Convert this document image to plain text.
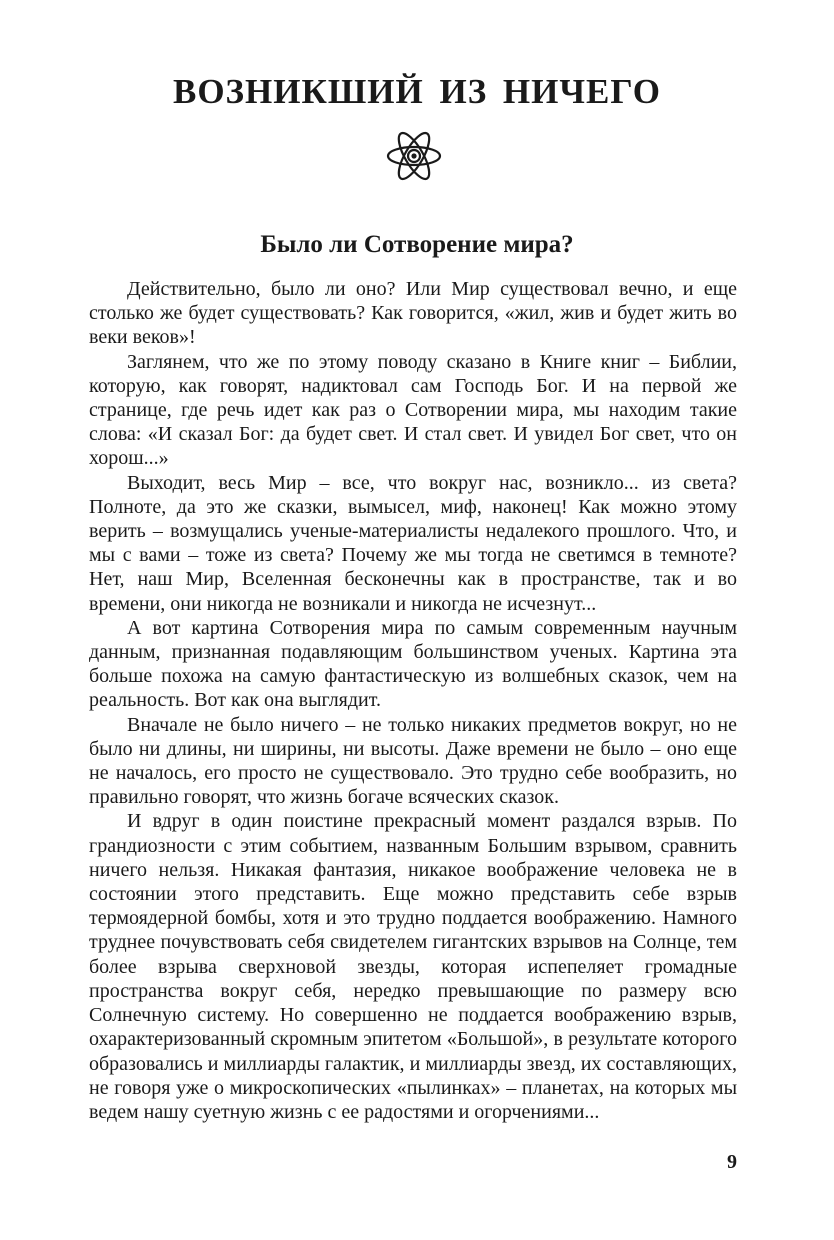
ВОЗНИКШИЙ ИЗ НИЧЕГО
Было ли Сотворение мира?

Действительно, было ли оно? Или Мир существовал вечно, и еще столько же будет существовать? Как говорится, «жил, жив и будет жить во веки веков»!

Заглянем, что же по этому поводу сказано в Книге книг – Библии, которую, как говорят, надиктовал сам Господь Бог. И на первой же странице, где речь идет как раз о Сотворении мира, мы находим такие слова: «И сказал Бог: да будет свет. И стал свет. И увидел Бог свет, что он хорош...»

Выходит, весь Мир – все, что вокруг нас, возникло... из света? Полноте, да это же сказки, вымысел, миф, наконец! Как можно этому верить – возмущались ученые-материалисты недалекого прошлого. Что, и мы с вами – тоже из света? Почему же мы тогда не светимся в темноте? Нет, наш Мир, Вселенная бесконечны как в пространстве, так и во времени, они никогда не возникали и никогда не исчезнут...

А вот картина Сотворения мира по самым современным научным данным, признанная подавляющим большинством ученых. Картина эта больше похожа на самую фантастическую из волшебных сказок, чем на реальность. Вот как она выглядит.

Вначале не было ничего – не только никаких предметов вокруг, но не было ни длины, ни ширины, ни высоты. Даже времени не было – оно еще не началось, его просто не существовало. Это трудно себе вообразить, но правильно говорят, что жизнь богаче всяческих сказок.

И вдруг в один поистине прекрасный момент раздался взрыв. По грандиозности с этим событием, названным Большим взрывом, сравнить ничего нельзя. Никакая фантазия, никакое воображение человека не в состоянии этого представить. Еще можно представить себе взрыв термоядерной бомбы, хотя и это трудно поддается воображению. Намного труднее почувствовать себя свидетелем гигантских взрывов на Солнце, тем более взрыва сверхновой звезды, которая испепеляет громадные пространства вокруг себя, нередко превышающие по размеру всю Солнечную систему. Но совершенно не поддается воображению взрыв, охарактеризованный скромным эпитетом «Большой», в результате которого образовались и миллиарды галактик, и миллиарды звезд, их составляющих, не говоря уже о микроскопических «пылинках» – планетах, на которых мы ведем нашу суетную жизнь с ее радостями и огорчениями...

9
